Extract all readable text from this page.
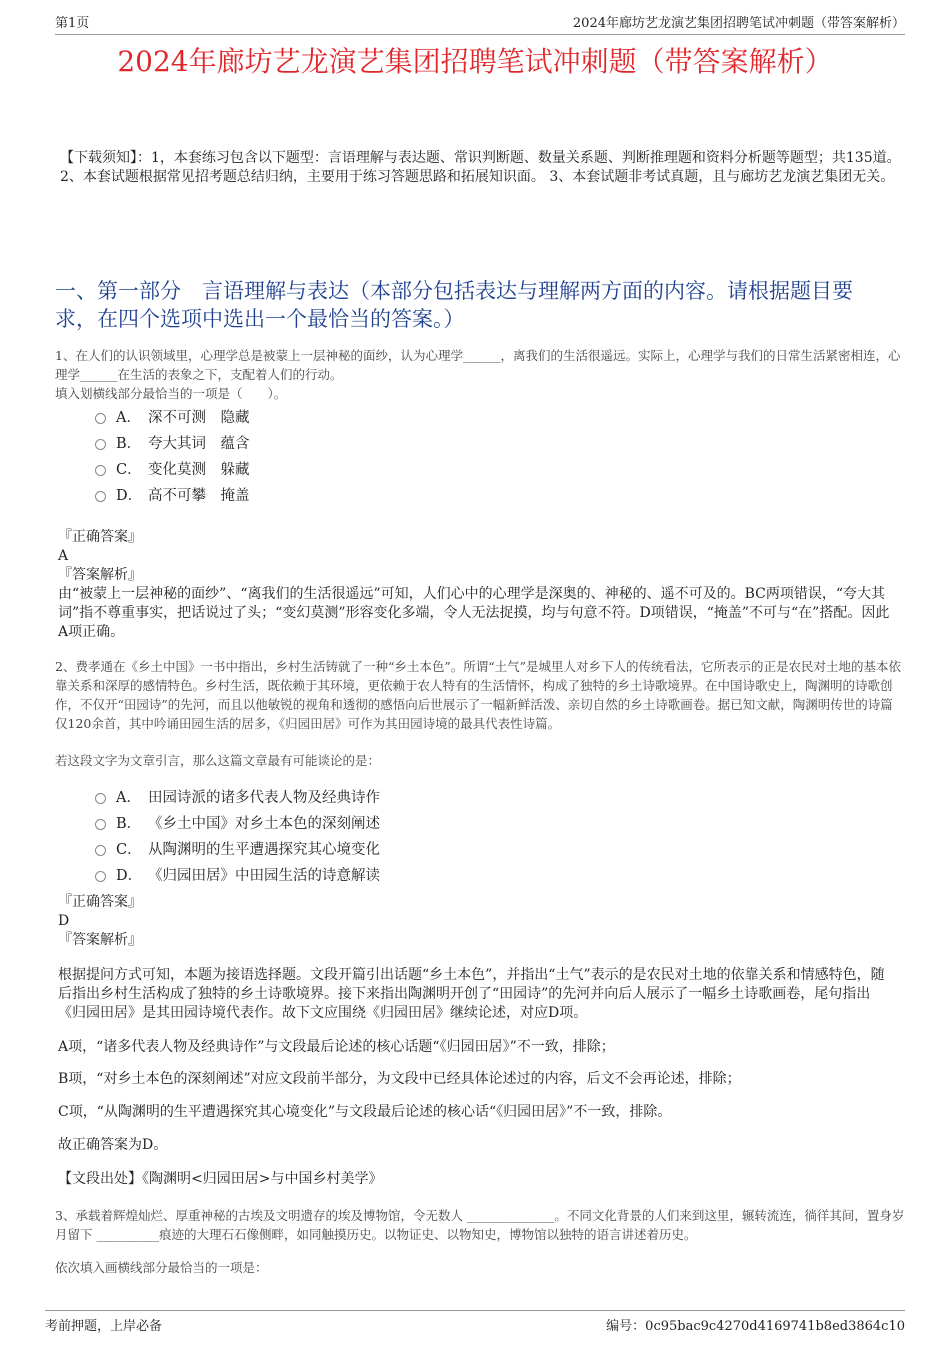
第1页	2024年廊坊艺龙演艺集团招聘笔试冲刺题（带答案解析）
2024年廊坊艺龙演艺集团招聘笔试冲刺题（带答案解析）
【下载须知】：1，本套练习包含以下题型：言语理解与表达题、常识判断题、数量关系题、判断推理题和资料分析题等题型；共135道。 2、本套试题根据常见招考题总结归纳，主要用于练习答题思路和拓展知识面。 3、本套试题非考试真题，且与廊坊艺龙演艺集团无关。
一、第一部分　言语理解与表达（本部分包括表达与理解两方面的内容。请根据题目要求，在四个选项中选出一个最恰当的答案。）
1、在人们的认识领域里，心理学总是被蒙上一层神秘的面纱，认为心理学______，离我们的生活很遥远。实际上，心理学与我们的日常生活紧密相连，心理学______在生活的表象之下，支配着人们的行动。
填入划横线部分最恰当的一项是（　　）。
A． 深不可测　隐藏
B． 夸大其词　蕴含
C． 变化莫测　躲藏
D． 高不可攀　掩盖
『正确答案』
A
『答案解析』
由“被蒙上一层神秘的面纱”、“离我们的生活很遥远”可知，人们心中的心理学是深奥的、神秘的、遥不可及的。BC两项错误，“夸大其词”指不尊重事实，把话说过了头；“变幻莫测”形容变化多端，令人无法捉摸，均与句意不符。D项错误，“掩盖”不可与“在”搭配。因此A项正确。
2、费孝通在《乡土中国》一书中指出，乡村生活铸就了一种“乡土本色”。所谓“土气”是城里人对乡下人的传统看法，它所表示的正是农民对土地的基本依靠关系和深厚的感情特色。乡村生活，既依赖于其环境，更依赖于农人特有的生活情怀，构成了独特的乡土诗歌境界。在中国诗歌史上，陶渊明的诗歌创作，不仅开“田园诗”的先河，而且以他敏锐的视角和透彻的感悟向后世展示了一幅新鲜活泼、亲切自然的乡土诗歌画卷。据已知文献，陶渊明传世的诗篇仅120余首，其中吟诵田园生活的居多，《归园田居》可作为其田园诗境的最具代表性诗篇。
若这段文字为文章引言，那么这篇文章最有可能谈论的是：
A． 田园诗派的诸多代表人物及经典诗作
B． 《乡土中国》对乡土本色的深刻阐述
C． 从陶渊明的生平遭遇探究其心境变化
D． 《归园田居》中田园生活的诗意解读
『正确答案』
D
『答案解析』
根据提问方式可知，本题为接语选择题。文段开篇引出话题“乡土本色”，并指出“土气”表示的是农民对土地的依靠关系和情感特色，随后指出乡村生活构成了独特的乡土诗歌境界。接下来指出陶渊明开创了“田园诗”的先河并向后人展示了一幅乡土诗歌画卷，尾句指出《归园田居》是其田园诗境代表作。故下文应围绕《归园田居》继续论述，对应D项。
A项，“诸多代表人物及经典诗作”与文段最后论述的核心话题“《归园田居》”不一致，排除；
B项，“对乡土本色的深刻阐述”对应文段前半部分，为文段中已经具体论述过的内容，后文不会再论述，排除；
C项，“从陶渊明的生平遭遇探究其心境变化”与文段最后论述的核心话“《归园田居》”不一致，排除。
故正确答案为D。
【文段出处】《陶渊明<归园田居>与中国乡村美学》
3、承载着辉煌灿烂、厚重神秘的古埃及文明遗存的埃及博物馆，令无数人 ______________。不同文化背景的人们来到这里，辗转流连，徜徉其间，置身岁月留下 __________痕迹的大理石石像侧畔，如同触摸历史。以物证史、以物知史，博物馆以独特的语言讲述着历史。
依次填入画横线部分最恰当的一项是：
考前押题，上岸必备	编号：0c95bac9c4270d4169741b8ed3864c10
